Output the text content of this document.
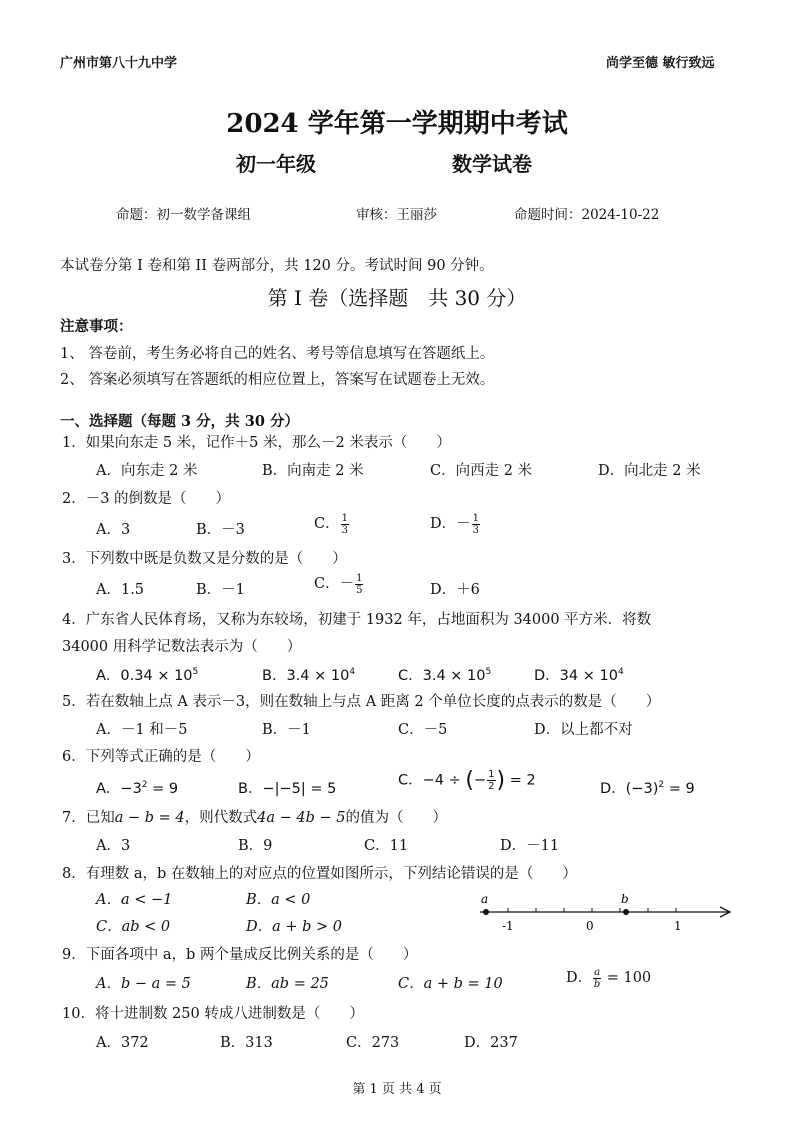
广州市第八十九中学	尚学至德 敏行致远
2024 学年第一学期期中考试
初一年级	数学试卷
命题：初一数学备课组	审核：王丽莎	命题时间：2024-10-22
本试卷分第 I 卷和第 II 卷两部分，共 120 分。考试时间 90 分钟。
第 I 卷（选择题　共 30 分）
注意事项：
1、 答卷前，考生务必将自己的姓名、考号等信息填写在答题纸上。
2、 答案必须填写在答题纸的相应位置上，答案写在试题卷上无效。
一、选择题（每题 3 分，共 30 分）
1．如果向东走 5 米，记作＋5 米，那么－2 米表示（　　）
A．向东走 2 米	B．向南走 2 米	C．向西走 2 米	D．向北走 2 米
2．－3 的倒数是（　　）
A．3	B．－3	C． $\frac{1}{3}$	D．－ $\frac{1}{3}$
3．下列数中既是负数又是分数的是（　　）
A．1.5	B．－1	C．－ $\frac{1}{5}$	D．＋6
4．广东省人民体育场，又称为东较场，初建于 1932 年，占地面积为 34000 平方米．将数
34000 用科学记数法表示为（　　）
A．$0.34 \times 10^5$	B．$3.4 \times 10^4$	C．$3.4 \times 10^5$	D．$34 \times 10^4$
5．若在数轴上点 A 表示－3，则在数轴上与点 A 距离 2 个单位长度的点表示的数是（　　）
A．－1 和－5	B．－1	C．－5	D．以上都不对
6．下列等式正确的是（　　）
A．$-3^2 = 9$	B．−|−5| = 5
C．−4 ÷ (− $\frac{1}{2}$ ) = 2
D．$(-3)^2 = 9$
7．已知a − b = 4，则代数式4a − 4b − 5的值为（　　）
A．3	B．9	C．11	D．－11
8．有理数 a，b 在数轴上的对应点的位置如图所示，下列结论错误的是（　　）
A．a < −1	B．a < 0
C．ab < 0	D．a + b > 0
a	b
-1	0	1
9．下面各项中 a，b 两个量成反比例关系的是（　　）
A．b − a = 5	B．ab = 25	C．a + b = 10	D． $\frac{a}{b} = 100$
10．将十进制数 250 转成八进制数是（　　）
A．372	B．313	C．273	D．237
第 1 页 共 4 页
